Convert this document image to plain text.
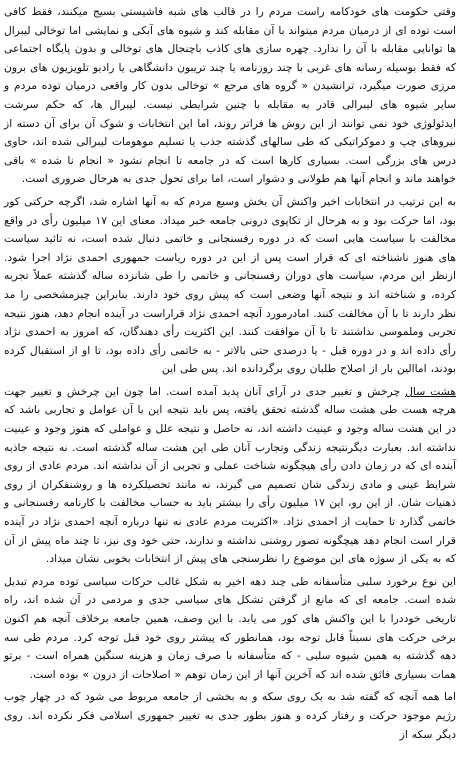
وقتی حکومت های خودکامه راست مردم را در قالب های شبه فاشیستی بسیج میکنند، فقط کافی است توده ای از درمیان مردم میتواند با آن مقابله کند و شیوه های آبکی و نمایشی اما توخالی لیبرال ها توانایی مقابله با آن را ندارد. چهره سازی های کاذب باچنجال های توخالی و بدون پایگاه اجتماعی که فقط بوسیله رسانه های غربی با چند روزنامه یا چند تریبون دانشگاهی یا رادیو تلویزیون های برون مرزی صورت میگیرد، ترانشیدن « گروه های مرجع » توخالی بدون کار واقعی درمیان توده مردم و سایر شیوه های لیبرالی قادر به مقابله با چنین شرایطی نیست. لیبرال ها، که حکم سرشت ایدئولوژی خود نمی توانند از این روش ها فراتر روند، اما این انتخابات و شوک آن برای آن دسته از نیروهای چپ و دموکراتیکی که طی سالهای گذشته جذب یا تسلیم موهومات لیبرالی شده اند، حاوی درس های بزرگی است. بسیاری کارها است که در جامعه تا انجام نشود « انجام نا شده » باقی خواهند ماند و انجام آنها هم طولانی و دشوار است، اما برای تحول جدی به هرحال ضروری است.

به این ترتیب در انتخابات اخیر واکنش آن بخش وسیع مردم که به آنها اشاره شد، اگرچه حرکتی کور بود، اما حرکت بود و به هرحال از تکاپوی درونی جامعه خبر میداد. معنای این ۱۷ میلیون رأی در واقع مخالفت با سیاست هایی است که در دوره رفسنجانی و خاتمی دنبال شده است، نه تائید سیاست های هنوز ناشناخته ای که قرار است پس از این در دوره ریاست جمهوری احمدی نژاد اجرا شود. ازنظر این مردم، سیاست های دوران رفسنجانی و خاتمی را طی شانزده ساله گذشته عملاً تجربه کرده، و شناخته اند و نتیجه آنها وضعی است که پیش روی خود دارند. بنابراین چیزمشخصی را مد نظر دارند تا با آن مخالفت کنند. امادرمورد آنچه احمدی نژاد قراراست در آینده انجام دهد، هنوز نتیجه تجربی وملموسی نداشتند تا با آن موافقت کنند. این اکثریت رأی دهندگان، که امروز به احمدی نژاد رأی داده اند و در دوره قبل - یا درصدی حتی بالاتر - به خاتمی رأی داده بود، تا او از استقبال کرده بودند، اماالین بار از اصلاح طلبان روی برگردانده اند. پس طی این

هشت سال چرخش و تغییر جدی در آرای آنان پدید آمده است. اما چون این چرخش و تغییر جهت هرچه هست طی هشت ساله گذشته تحقق یافته، پس باید نتیجه این یا آن عوامل و تجاربی باشد که در این هشت ساله وجود و عینیت داشته اند، نه حاصل و نتیجه علل و عواملی که هنوز وجود و عینیت نداشته اند. بعبارت دیگرنتیجه زندگی وتجارب آنان طی این هشت ساله گذشته است. نه نتیجه جاذبه آینده ای که در زمان دادن رأی هیچگونه شناخت عملی و تجربی از آن نداشته اند. مردم عادی از روی شرایط عینی و مادی زندگی شان تصمیم می گیرند، نه مانند تحصیلکرده ها و روشنفکران از روی ذهنیات شان. از این رو، این ۱۷ میلیون رأی را بیشتر باید به حساب مخالفت با کارنامه رفسنجانی و خاتمی گذارد تا حمایت از احمدی نژاد. «اکثریت مردم عادی نه تنها درباره آنچه احمدی نژاد در آینده قرار است انجام دهد هیچگونه تصور روشنی نداشته و ندارند، حتی خود وی نیز، تا چند ماه پیش از آن که به یکی از سوژه های این موضوع را نظرسنجی های پیش از انتخابات بخوبی نشان میداد.

این نوع برخورد سلبی متأسفانه طی چند دهه اخیر به شکل غالب حرکات سیاسی توده مردم تبدیل شده است. جامعه ای که مانع از گرفتن تشکل های سیاسی جدی و مردمی در آن شده اند، راه تاریخی خوددرا با این واکنش های کور می یابد. با این وصف، همین جامعه برخلاف آنچه هم اکنون برخی حرکت های نسبتاً قابل توجه بود، همانطور که پیشتر روی خود قبل توجه کرد. مردم طی سه دهه گذشته به همین شیوه سلبی - که متأسفانه با صرف زمان و هزینه سنگین همراه است - برتو همات بسیاری فائق شده اند که آخرین آنها از این زمان توهم « اصلاحات از درون » بوده است.

اما همه آنچه که گفته شد به یک روی سکه و به بخشی از جامعه مربوط می شود که در چهار چوب رژیم موجود حرکت و رفتار کرده و هنوز بطور جدی به تغییر جمهوری اسلامی فکر نکرده اند. روی دیگر سکه از
